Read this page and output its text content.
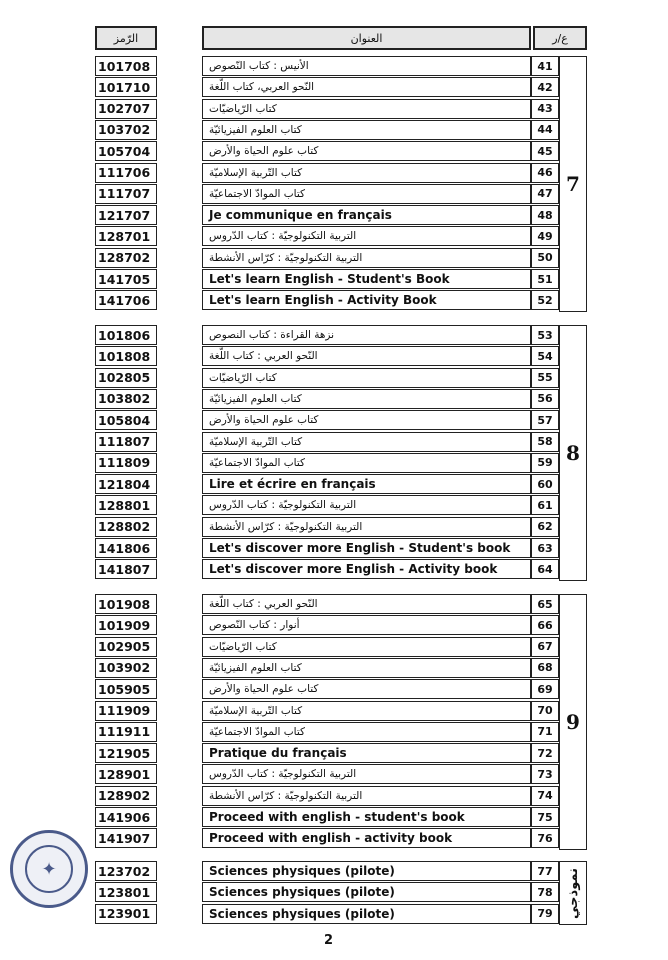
الرّمز	العنوان	ع/ر
101708	الأنيس : كتاب النّصوص	41
101710	النّحو العربي، كتاب اللّغة	42
102707	كتاب الرّياضيّات	43
103702	كتاب العلوم الفيزيائيّة	44
105704	كتاب علوم الحياة والأرض	45
111706	كتاب التّربية الإسلاميّة	46
111707	كتاب الموادّ الاجتماعيّة	47
121707	Je communique en français	48
128701	التربية التكنولوجيّة : كتاب الدّروس	49
128702	التربية التكنولوجيّة : كرّاس الأنشطة	50
141705	Let's learn English - Student's Book	51
141706	Let's learn English - Activity Book	52
101806	نزهة القراءة : كتاب النصوص	53
101808	النّحو العربي : كتاب اللّغة	54
102805	كتاب الرّياضيّات	55
103802	كتاب العلوم الفيزيائيّة	56
105804	كتاب علوم الحياة والأرض	57
111807	كتاب التّربية الإسلاميّة	58
111809	كتاب الموادّ الاجتماعيّة	59
121804	Lire et écrire en français	60
128801	التربية التكنولوجيّة : كتاب الدّروس	61
128802	التربية التكنولوجيّة : كرّاس الأنشطة	62
141806	Let's discover more English - Student's book	63
141807	Let's discover more English - Activity book	64
101908	النّحو العربي : كتاب اللّغة	65
101909	أنوار : كتاب النّصوص	66
102905	كتاب الرّياضيّات	67
103902	كتاب العلوم الفيزيائيّة	68
105905	كتاب علوم الحياة والأرض	69
111909	كتاب التّربية الإسلاميّة	70
111911	كتاب الموادّ الاجتماعيّة	71
121905	Pratique du français	72
128901	التربية التكنولوجيّة : كتاب الدّروس	73
128902	التربية التكنولوجيّة : كرّاس الأنشطة	74
141906	Proceed with english - student's book	75
141907	Proceed with english - activity book	76
123702	Sciences physiques (pilote)	77
123801	Sciences physiques (pilote)	78
123901	Sciences physiques (pilote)	79
7
8
9
نموذجي
✦
2
